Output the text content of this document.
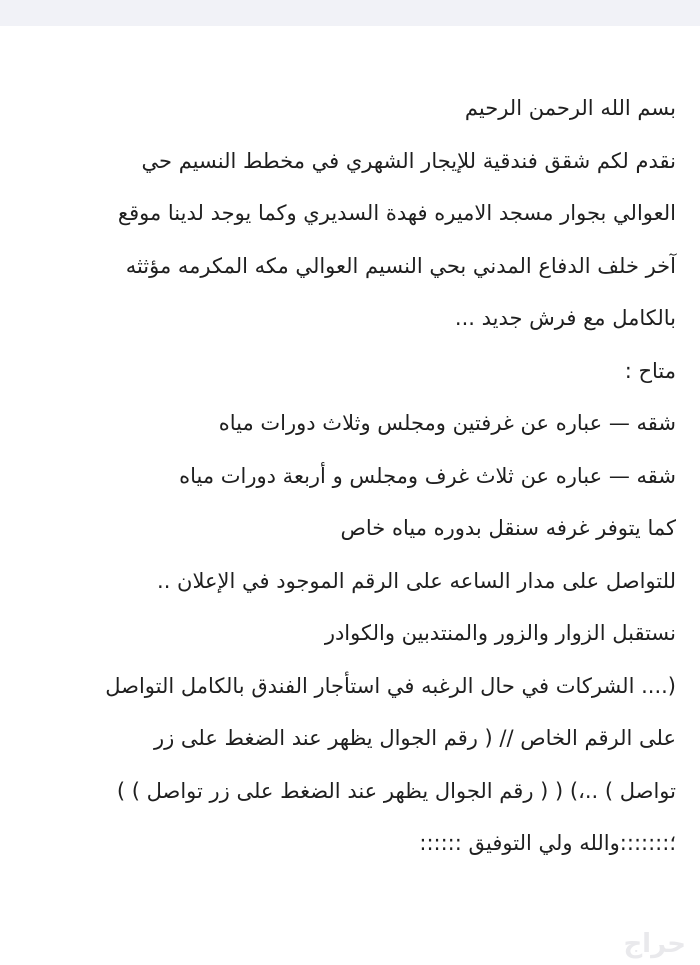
بسم الله الرحمن الرحيم
نقدم لكم شقق فندقية للإيجار الشهري في مخطط النسيم حي
العوالي بجوار مسجد الاميره فهدة السديري وكما يوجد لدينا موقع
آخر خلف الدفاع المدني بحي النسيم العوالي مكه المكرمه مؤثثه
بالكامل مع فرش جديد ...
متاح :
شقه — عباره عن غرفتين ومجلس وثلاث دورات مياه
شقه — عباره عن ثلاث غرف ومجلس و أربعة دورات مياه
كما يتوفر غرفه سنقل بدوره مياه خاص
للتواصل على مدار الساعه على الرقم الموجود في الإعلان ..
نستقبل الزوار والزور والمنتدبين والكوادر
(.... الشركات في حال الرغبه في استأجار الفندق بالكامل التواصل
على الرقم الخاص // ( رقم الجوال يظهر عند الضغط على زر
تواصل ) ..،) ( ( رقم الجوال يظهر عند الضغط على زر تواصل ) )
؛:::::::والله ولي التوفيق ::::::
حراج
